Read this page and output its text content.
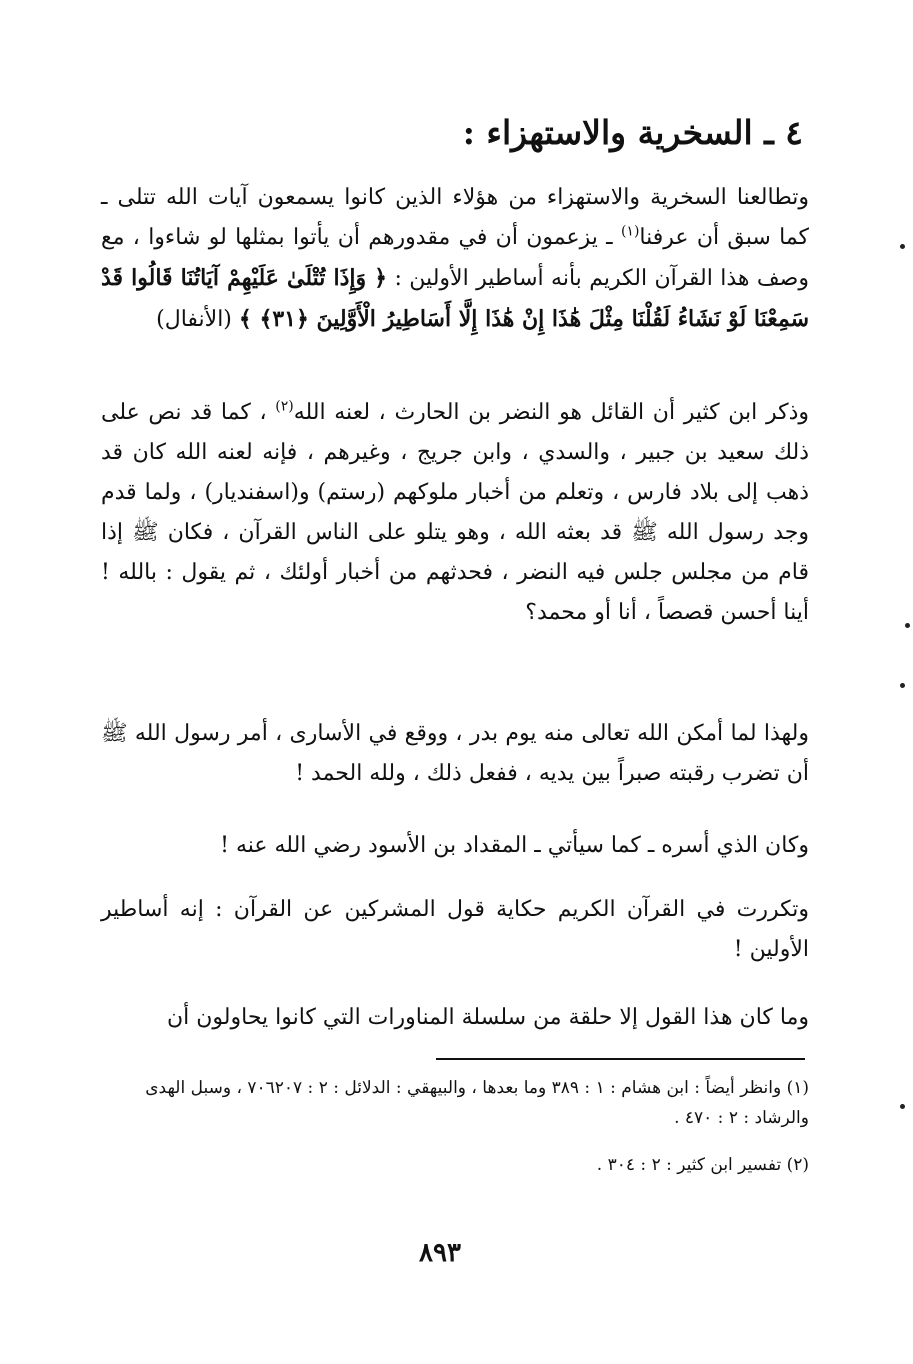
٤ ـ السخرية والاستهزاء :
وتطالعنا السخرية والاستهزاء من هؤلاء الذين كانوا يسمعون آيات الله تتلى ـ كما سبق أن عرفنا$^{(١)}$ ـ يزعمون أن في مقدورهم أن يأتوا بمثلها لو شاءوا ، مع وصف هذا القرآن الكريم بأنه أساطير الأولين : ﴿ وَإِذَا تُتْلَىٰ عَلَيْهِمْ آيَاتُنَا قَالُوا قَدْ سَمِعْنَا لَوْ نَشَاءُ لَقُلْنَا مِثْلَ هَٰذَا إِنْ هَٰذَا إِلَّا أَسَاطِيرُ الْأَوَّلِينَ ﴿٣١﴾ ﴾ (الأنفال)
وذكر ابن كثير أن القائل هو النضر بن الحارث ، لعنه الله$^{(٢)}$ ، كما قد نص على ذلك سعيد بن جبير ، والسدي ، وابن جريج ، وغيرهم ، فإنه لعنه الله كان قد ذهب إلى بلاد فارس ، وتعلم من أخبار ملوكهم (رستم) و(اسفنديار) ، ولما قدم وجد رسول الله ﷺ قد بعثه الله ، وهو يتلو على الناس القرآن ، فكان ﷺ إذا قام من مجلس جلس فيه النضر ، فحدثهم من أخبار أولئك ، ثم يقول : بالله ! أينا أحسن قصصاً ، أنا أو محمد؟
ولهذا لما أمكن الله تعالى منه يوم بدر ، ووقع في الأسارى ، أمر رسول الله ﷺ أن تضرب رقبته صبراً بين يديه ، ففعل ذلك ، ولله الحمد !
وكان الذي أسره ـ كما سيأتي ـ المقداد بن الأسود رضي الله عنه !
وتكررت في القرآن الكريم حكاية قول المشركين عن القرآن : إنه أساطير الأولين !
وما كان هذا القول إلا حلقة من سلسلة المناورات التي كانوا يحاولون أن
(١) وانظر أيضاً : ابن هشام : ١ : ٣٨٩ وما بعدها ، والبيهقي : الدلائل : ٢ : ٧٠٦٢٠٧ ، وسبل الهدى والرشاد : ٢ : ٤٧٠ .
(٢) تفسير ابن كثير : ٢ : ٣٠٤ .
٨٩٣
